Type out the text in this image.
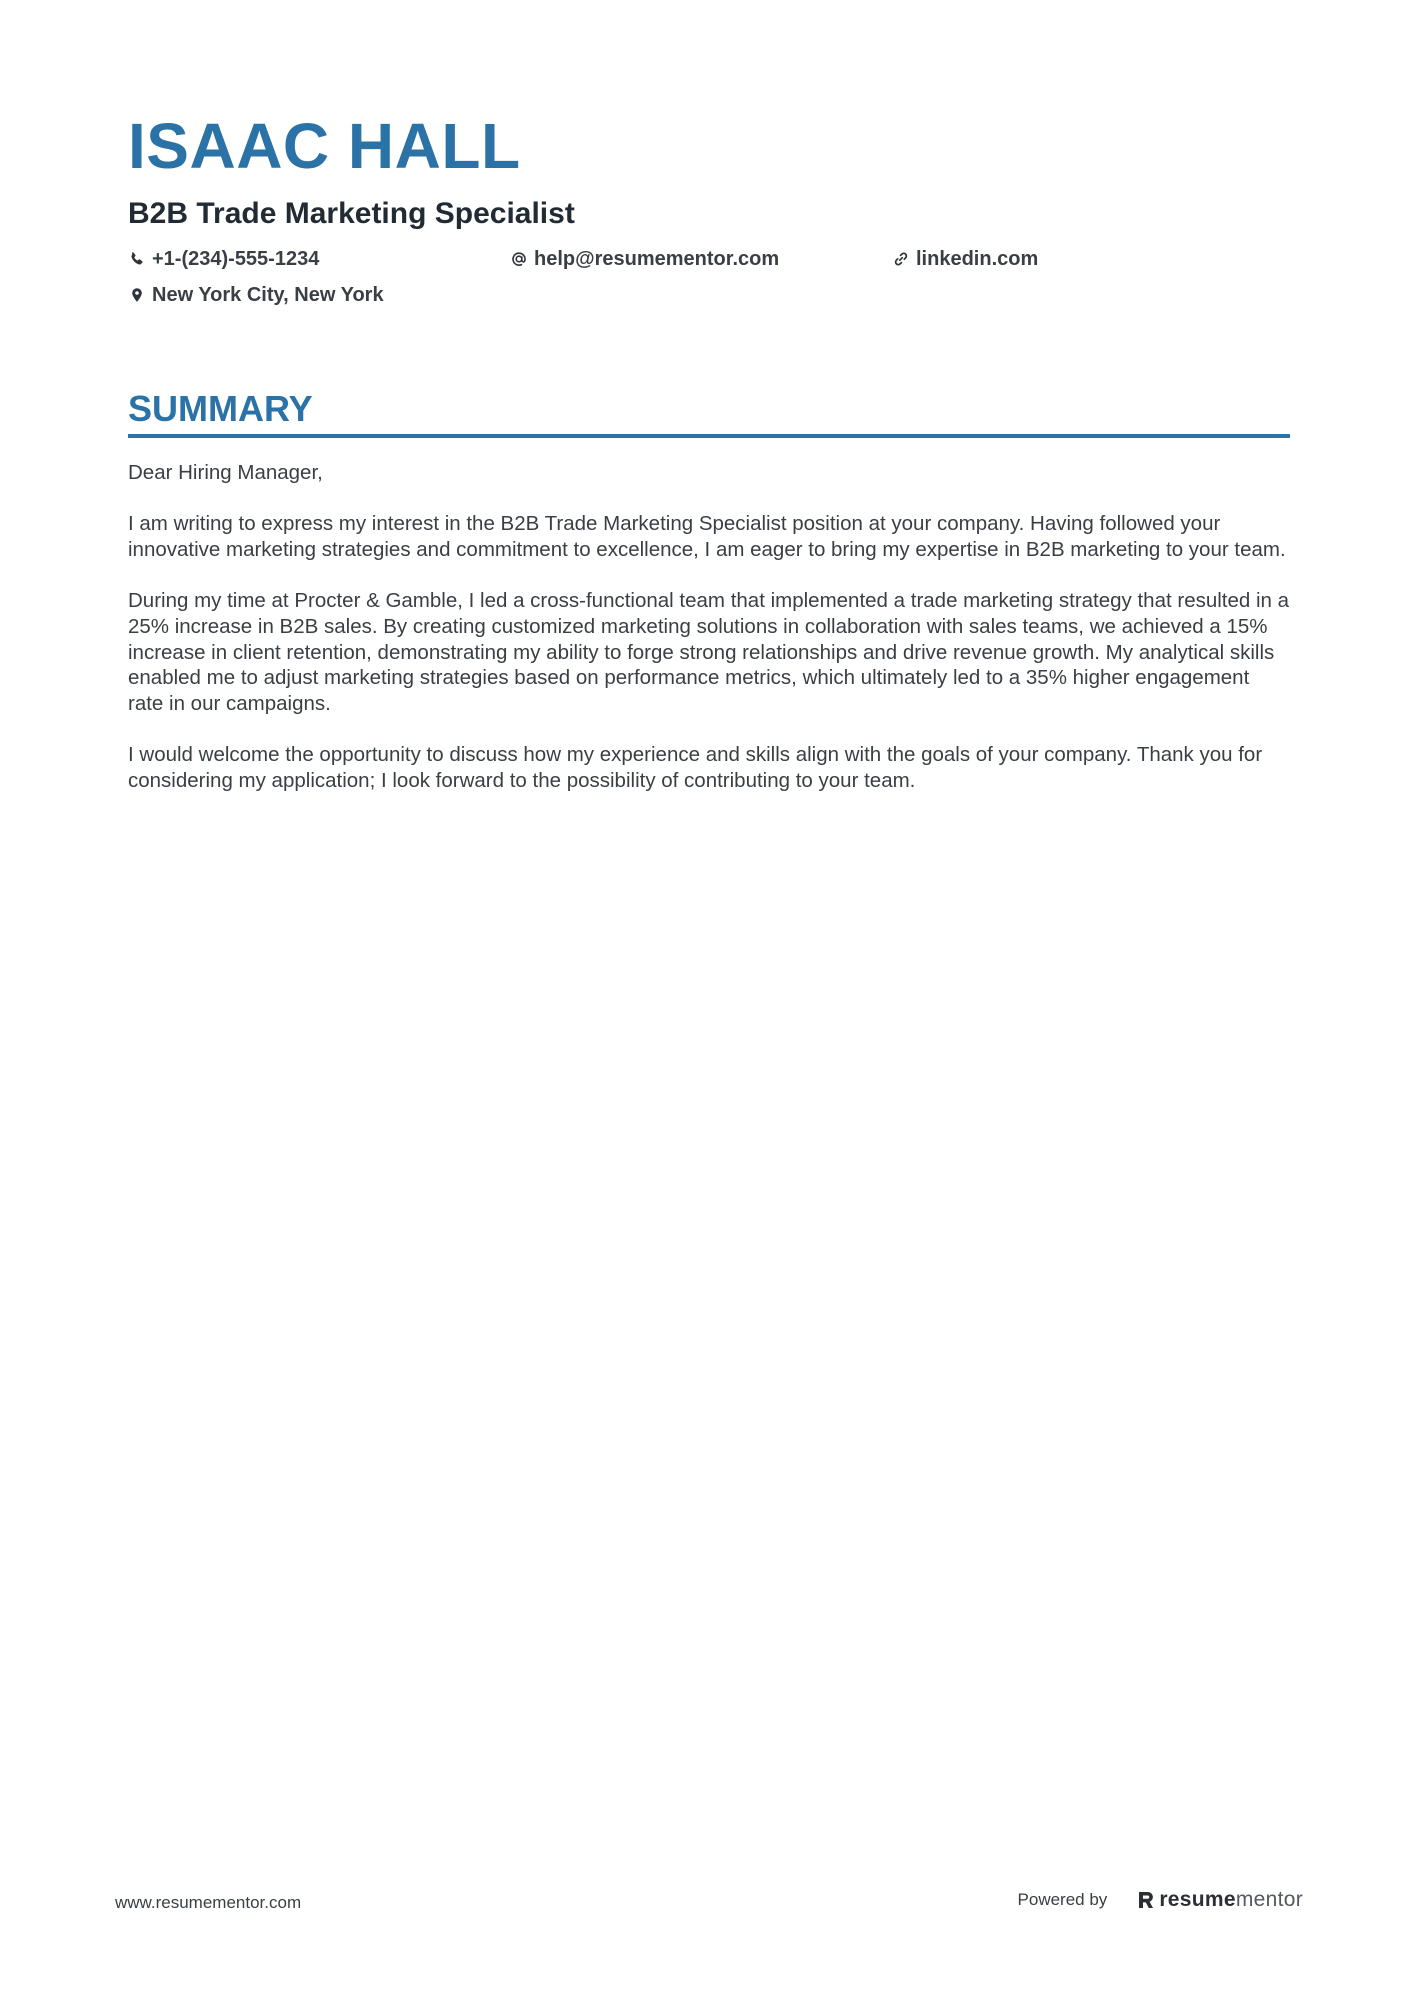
ISAAC HALL
B2B Trade Marketing Specialist
+1-(234)-555-1234	help@resumementor.com	linkedin.com
New York City, New York
SUMMARY

Dear Hiring Manager,

I am writing to express my interest in the B2B Trade Marketing Specialist position at your company. Having followed your innovative marketing strategies and commitment to excellence, I am eager to bring my expertise in B2B marketing to your team.

During my time at Procter & Gamble, I led a cross-functional team that implemented a trade marketing strategy that resulted in a 25% increase in B2B sales. By creating customized marketing solutions in collaboration with sales teams, we achieved a 15% increase in client retention, demonstrating my ability to forge strong relationships and drive revenue growth. My analytical skills enabled me to adjust marketing strategies based on performance metrics, which ultimately led to a 35% higher engagement rate in our campaigns.

I would welcome the opportunity to discuss how my experience and skills align with the goals of your company. Thank you for considering my application; I look forward to the possibility of contributing to your team.

www.resumementor.com	Powered by resume mentor
